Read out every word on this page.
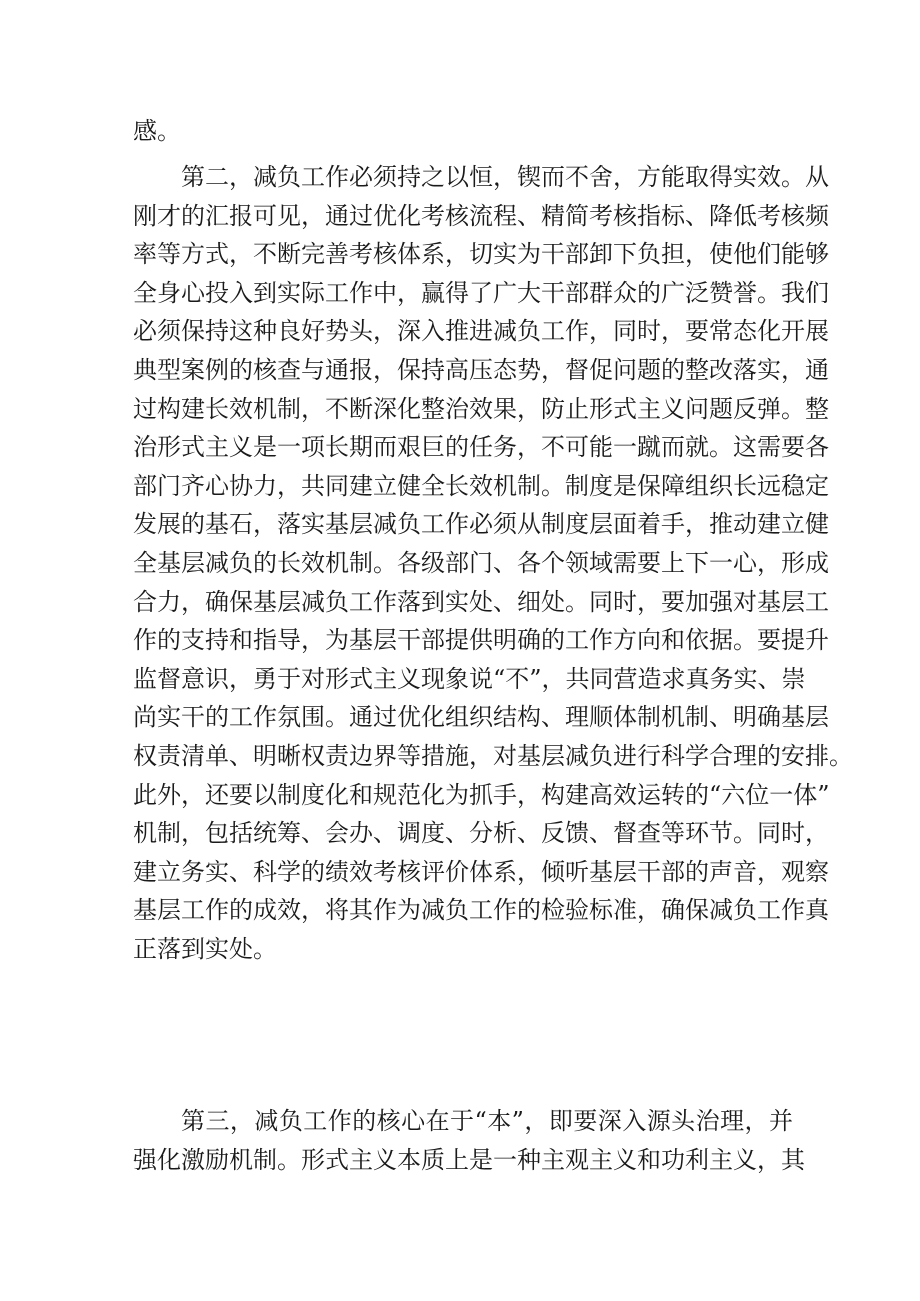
感。
第二，减负工作必须持之以恒，锲而不舍，方能取得实效。从
刚才的汇报可见，通过优化考核流程、精简考核指标、降低考核频
率等方式，不断完善考核体系，切实为干部卸下负担，使他们能够
全身心投入到实际工作中，赢得了广大干部群众的广泛赞誉。我们
必须保持这种良好势头，深入推进减负工作，同时，要常态化开展
典型案例的核查与通报，保持高压态势，督促问题的整改落实，通
过构建长效机制，不断深化整治效果，防止形式主义问题反弹。整
治形式主义是一项长期而艰巨的任务，不可能一蹴而就。这需要各
部门齐心协力，共同建立健全长效机制。制度是保障组织长远稳定
发展的基石，落实基层减负工作必须从制度层面着手，推动建立健
全基层减负的长效机制。各级部门、各个领域需要上下一心，形成
合力，确保基层减负工作落到实处、细处。同时，要加强对基层工
作的支持和指导，为基层干部提供明确的工作方向和依据。要提升
监督意识，勇于对形式主义现象说“不”，共同营造求真务实、崇
尚实干的工作氛围。通过优化组织结构、理顺体制机制、明确基层
权责清单、明晰权责边界等措施，对基层减负进行科学合理的安排。
此外，还要以制度化和规范化为抓手，构建高效运转的“六位一体”
机制，包括统筹、会办、调度、分析、反馈、督查等环节。同时，
建立务实、科学的绩效考核评价体系，倾听基层干部的声音，观察
基层工作的成效，将其作为减负工作的检验标准，确保减负工作真
正落到实处。
第三，减负工作的核心在于“本”，即要深入源头治理，并
强化激励机制。形式主义本质上是一种主观主义和功利主义，其
